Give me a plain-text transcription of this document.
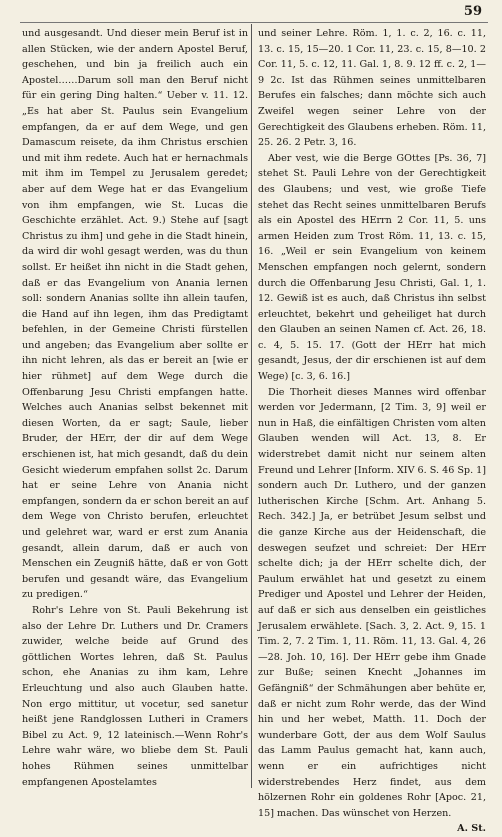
59

und ausgesandt. Und dieser mein Beruf ist in allen Stücken, wie der andern Apostel Beruf, geschehen, und bin ja freilich auch ein Apostel……Darum soll man den Beruf nicht für ein gering Ding halten.“ Ueber v. 11. 12. „Es hat aber St. Paulus sein Evangelium empfangen, da er auf dem Wege, und gen Damascum reisete, da ihm Christus erschien und mit ihm redete. Auch hat er hernachmals mit ihm im Tempel zu Jerusalem geredet; aber auf dem Wege hat er das Evangelium von ihm empfangen, wie St. Lucas die Geschichte erzählet. Act. 9.) Stehe auf [sagt Christus zu ihm] und gehe in die Stadt hinein, da wird dir wohl gesagt werden, was du thun sollst. Er heißet ihn nicht in die Stadt gehen, daß er das Evangelium von Anania lernen soll: sondern Ananias sollte ihn allein taufen, die Hand auf ihn legen, ihm das Predigtamt befehlen, in der Gemeine Christi fürstellen und angeben; das Evangelium aber sollte er ihn nicht lehren, als das er bereit an [wie er hier rühmet] auf dem Wege durch die Offenbarung Jesu Christi empfangen hatte. Welches auch Ananias selbst bekennet mit diesen Worten, da er sagt; Saule, lieber Bruder, der HErr, der dir auf dem Wege erschienen ist, hat mich gesandt, daß du dein Gesicht wiederum empfahen sollst 2c. Darum hat er seine Lehre von Anania nicht empfangen, sondern da er schon bereit an auf dem Wege von Christo berufen, erleuchtet und gelehret war, ward er erst zum Anania gesandt, allein darum, daß er auch von Menschen ein Zeugniß hätte, daß er von Gott berufen und gesandt wäre, das Evangelium zu predigen.“

Rohr's Lehre von St. Pauli Bekehrung ist also der Lehre Dr. Luthers und Dr. Cramers zuwider, welche beide auf Grund des göttlichen Wortes lehren, daß St. Paulus schon, ehe Ananias zu ihm kam, Lehre Erleuchtung und also auch Glauben hatte. Non ergo mittitur, ut vocetur, sed sanetur heißt jene Randglossen Lutheri in Cramers Bibel zu Act. 9, 12 lateinisch.—Wenn Rohr's Lehre wahr wäre, wo bliebe dem St. Pauli hohes Rühmen seines unmittelbar empfangenen Apostelamtes

und seiner Lehre. Röm. 1, 1. c. 2, 16. c. 11, 13. c. 15, 15—20. 1 Cor. 11, 23. c. 15, 8—10. 2 Cor. 11, 5. c. 12, 11. Gal. 1, 8. 9. 12 ff. c. 2, 1—9 2c. Ist das Rühmen seines unmittelbaren Berufes ein falsches; dann möchte sich auch Zweifel wegen seiner Lehre von der Gerechtigkeit des Glaubens erheben. Röm. 11, 25. 26. 2 Petr. 3, 16.

Aber vest, wie die Berge GOttes [Ps. 36, 7] stehet St. Pauli Lehre von der Gerechtigkeit des Glaubens; und vest, wie große Tiefe stehet das Recht seines unmittelbaren Berufs als ein Apostel des HErrn 2 Cor. 11, 5. uns armen Heiden zum Trost Röm. 11, 13. c. 15, 16. „Weil er sein Evangelium von keinem Menschen empfangen noch gelernt, sondern durch die Offenbarung Jesu Christi, Gal. 1, 1. 12. Gewiß ist es auch, daß Christus ihn selbst erleuchtet, bekehrt und geheiliget hat durch den Glauben an seinen Namen cf. Act. 26, 18. c. 4, 5. 15. 17. (Gott der HErr hat mich gesandt, Jesus, der dir erschienen ist auf dem Wege) [c. 3, 6. 16.]

Die Thorheit dieses Mannes wird offenbar werden vor Jedermann, [2 Tim. 3, 9] weil er nun in Haß, die einfältigen Christen vom alten Glauben wenden will Act. 13, 8. Er widerstrebet damit nicht nur seinem alten Freund und Lehrer [Inform. XIV 6. S. 46 Sp. 1] sondern auch Dr. Luthero, und der ganzen lutherischen Kirche [Schm. Art. Anhang 5. Rech. 342.] Ja, er betrübet Jesum selbst und die ganze Kirche aus der Heidenschaft, die deswegen seufzet und schreiet: Der HErr schelte dich; ja der HErr schelte dich, der Paulum erwählet hat und gesetzt zu einem Prediger und Apostel und Lehrer der Heiden, auf daß er sich aus denselben ein geistliches Jerusalem erwählete. [Sach. 3, 2. Act. 9, 15. 1 Tim. 2, 7. 2 Tim. 1, 11. Röm. 11, 13. Gal. 4, 26—28. Joh. 10, 16]. Der HErr gebe ihm Gnade zur Buße; seinen Knecht „Johannes im Gefängniß“ der Schmähungen aber behüte er, daß er nicht zum Rohr werde, das der Wind hin und her webet, Matth. 11. Doch der wunderbare Gott, der aus dem Wolf Saulus das Lamm Paulus gemacht hat, kann auch, wenn er ein aufrichtiges nicht widerstrebendes Herz findet, aus dem hölzernen Rohr ein goldenes Rohr [Apoc. 21, 15] machen. Das wünschet von Herzen.

A. St.
